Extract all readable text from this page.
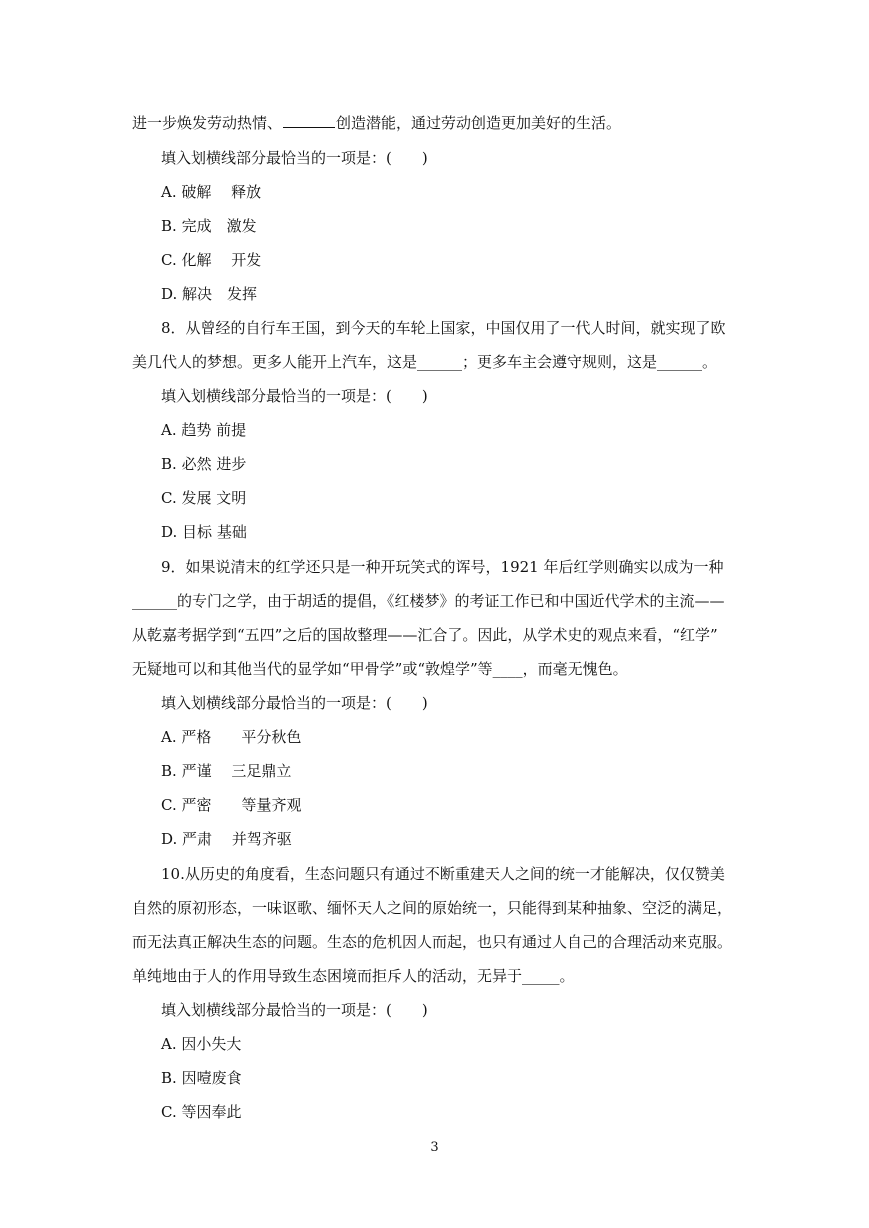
进一步焕发劳动热情、	创造潜能，通过劳动创造更加美好的生活。
填入划横线部分最恰当的一项是：(　　)
A. 破解　 释放
B. 完成　激发
C. 化解　 开发
D. 解决　发挥
8．从曾经的自行车王国，到今天的车轮上国家，中国仅用了一代人时间，就实现了欧
美几代人的梦想。更多人能开上汽车，这是______；更多车主会遵守规则，这是______。
填入划横线部分最恰当的一项是：(　　)
A. 趋势 前提
B. 必然 进步
C. 发展 文明
D. 目标 基础
9．如果说清末的红学还只是一种开玩笑式的诨号，1921 年后红学则确实以成为一种
______的专门之学，由于胡适的提倡，《红楼梦》的考证工作已和中国近代学术的主流——
从乾嘉考据学到“五四”之后的国故整理——汇合了。因此，从学术史的观点来看，“红学”
无疑地可以和其他当代的显学如“甲骨学”或“敦煌学”等____，而毫无愧色。
填入划横线部分最恰当的一项是：(　　)
A. 严格　　平分秋色
B. 严谨　 三足鼎立
C. 严密　　等量齐观
D. 严肃　 并驾齐驱
10.从历史的角度看，生态问题只有通过不断重建天人之间的统一才能解决，仅仅赞美
自然的原初形态，一味讴歌、缅怀天人之间的原始统一，只能得到某种抽象、空泛的满足，
而无法真正解决生态的问题。生态的危机因人而起，也只有通过人自己的合理活动来克服。
单纯地由于人的作用导致生态困境而拒斥人的活动，无异于_____。
填入划横线部分最恰当的一项是：(　　)
A. 因小失大
B. 因噎废食
C. 等因奉此
3
